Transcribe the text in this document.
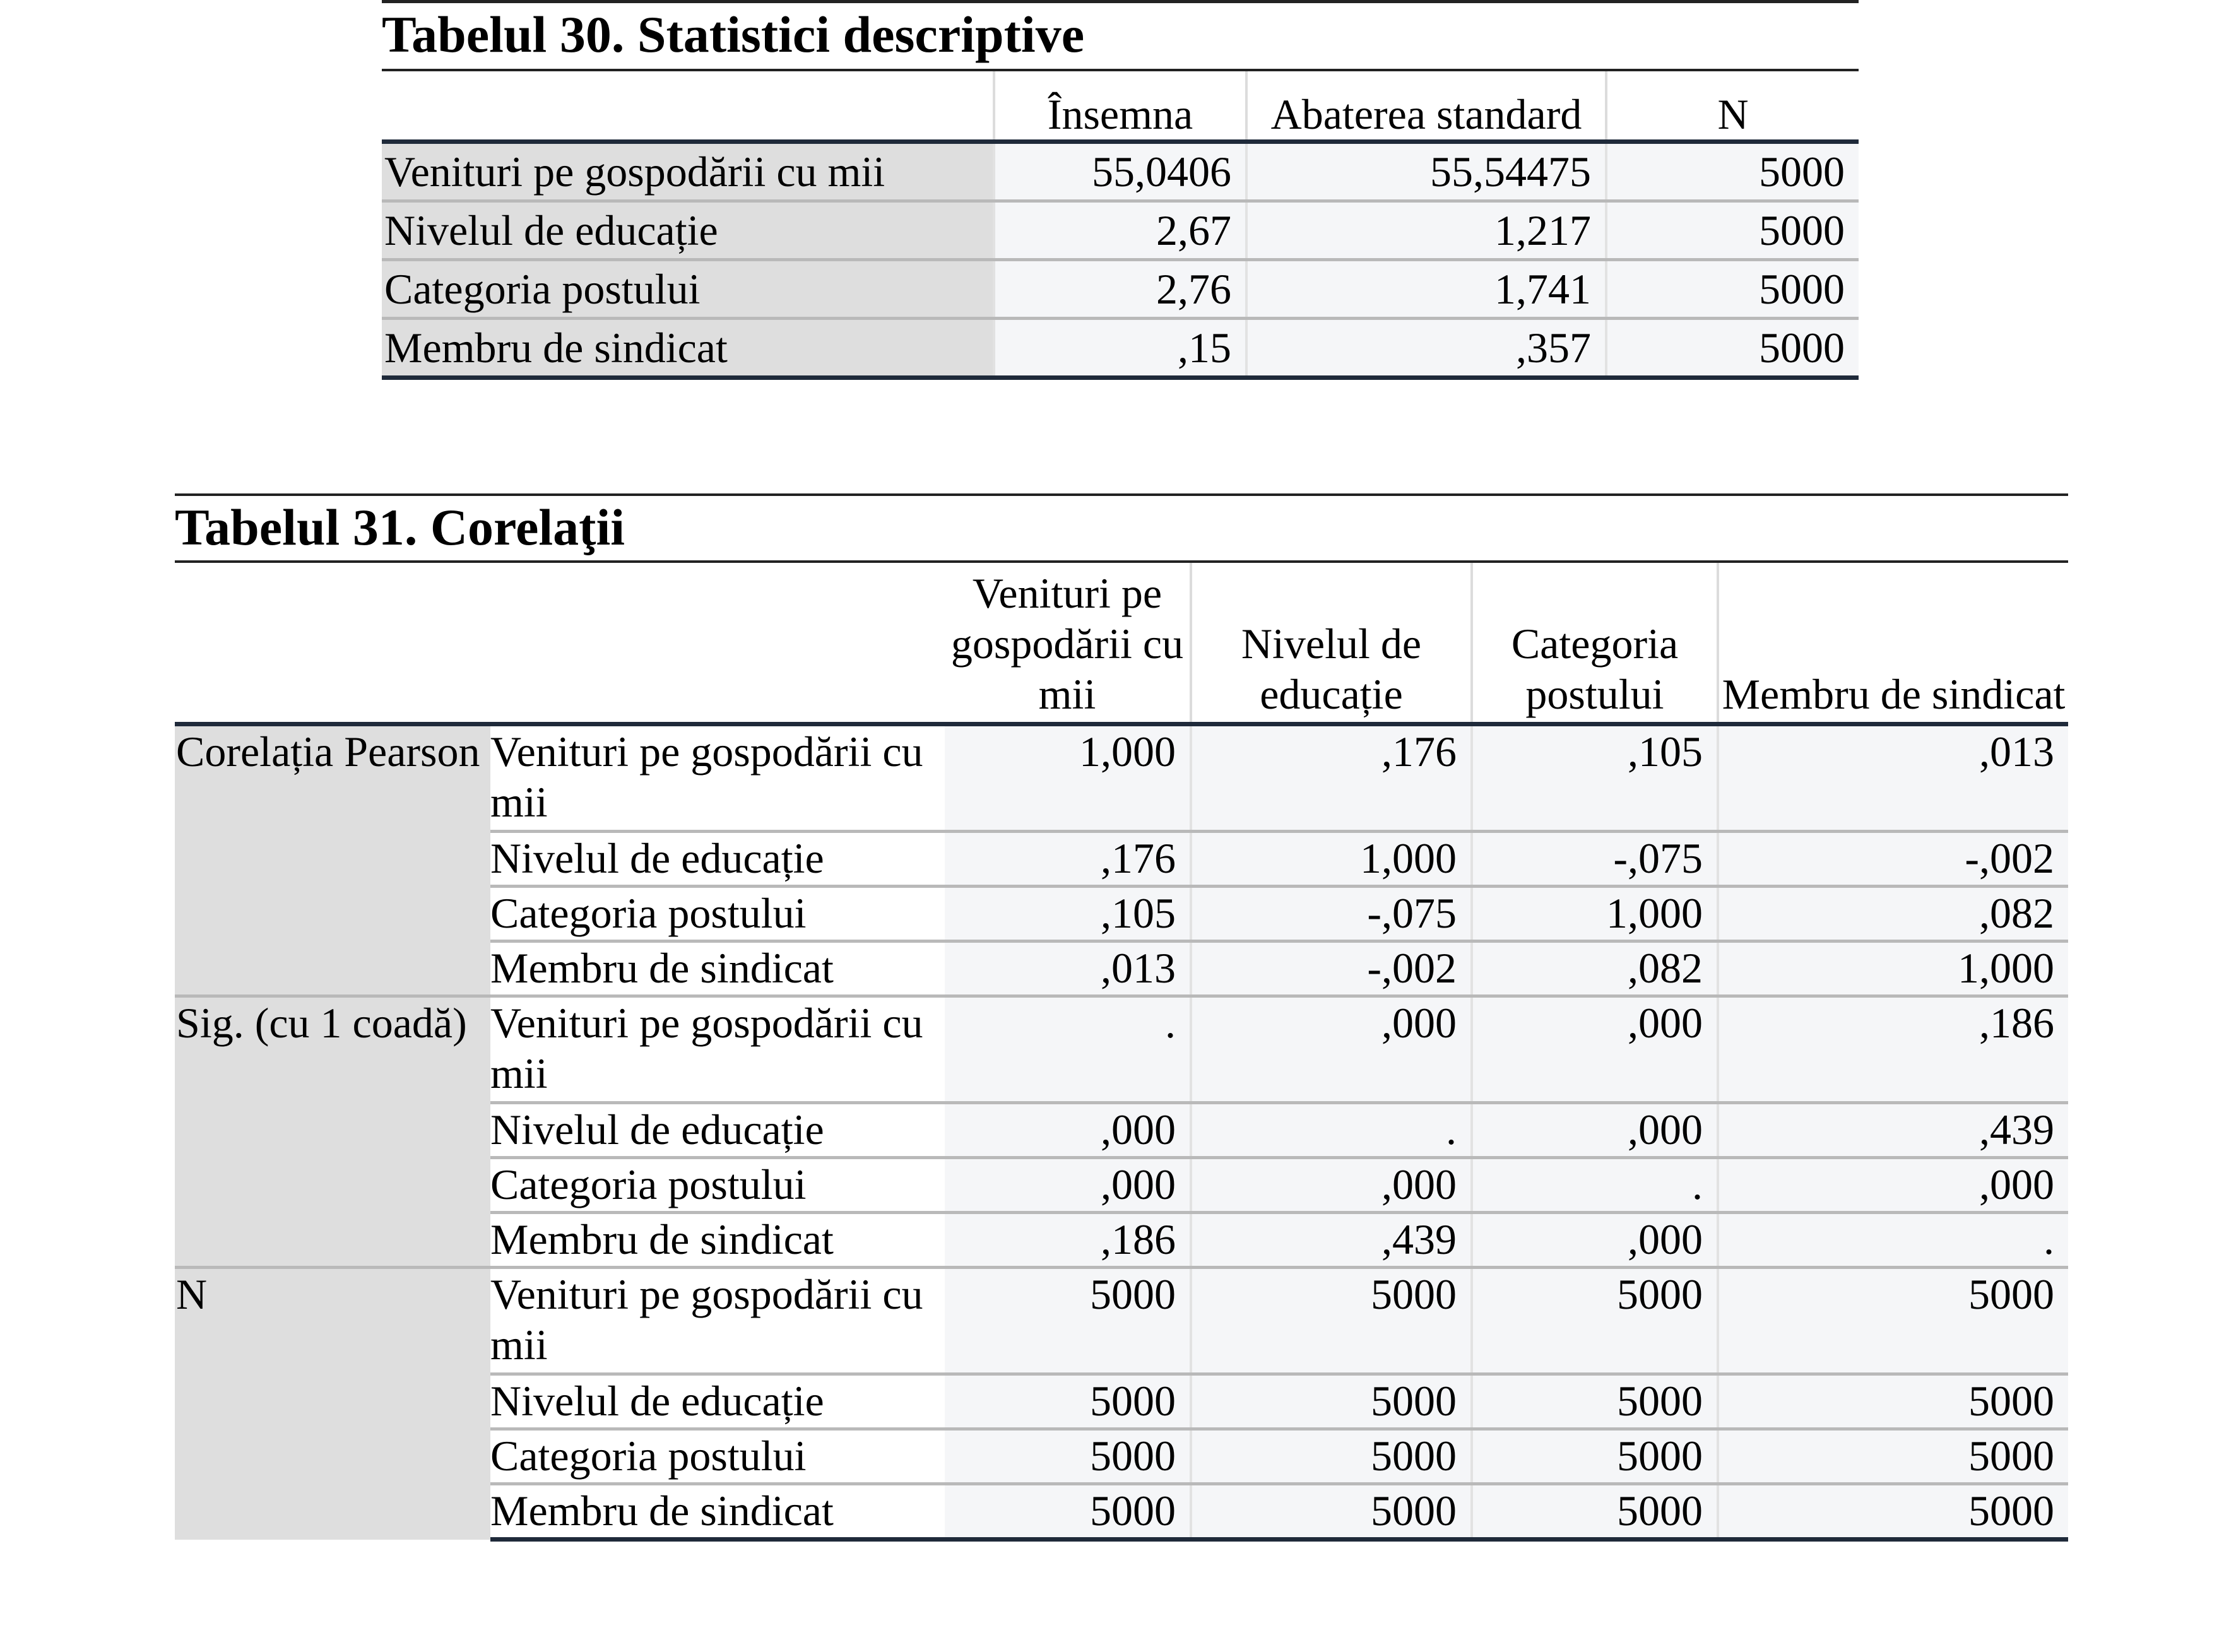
Tabelul 30. Statistici descriptive
	Însemna	Abaterea standard	N
Venituri pe gospodării cu mii	55,0406	55,54475	5000
Nivelul de educație	2,67	1,217	5000
Categoria postului	2,76	1,741	5000
Membru de sindicat	,15	,357	5000
Tabelul 31. Corelaţii
		Venituri pe gospodării cu mii	Nivelul de educație	Categoria postului	Membru de sindicat
Corelația Pearson	Venituri pe gospodării cu mii	1,000	,176	,105	,013
	Nivelul de educație	,176	1,000	-,075	-,002
	Categoria postului	,105	-,075	1,000	,082
	Membru de sindicat	,013	-,002	,082	1,000
Sig. (cu 1 coadă)	Venituri pe gospodării cu mii	.	,000	,000	,186
	Nivelul de educație	,000	.	,000	,439
	Categoria postului	,000	,000	.	,000
	Membru de sindicat	,186	,439	,000	.
N	Venituri pe gospodării cu mii	5000	5000	5000	5000
	Nivelul de educație	5000	5000	5000	5000
	Categoria postului	5000	5000	5000	5000
	Membru de sindicat	5000	5000	5000	5000
